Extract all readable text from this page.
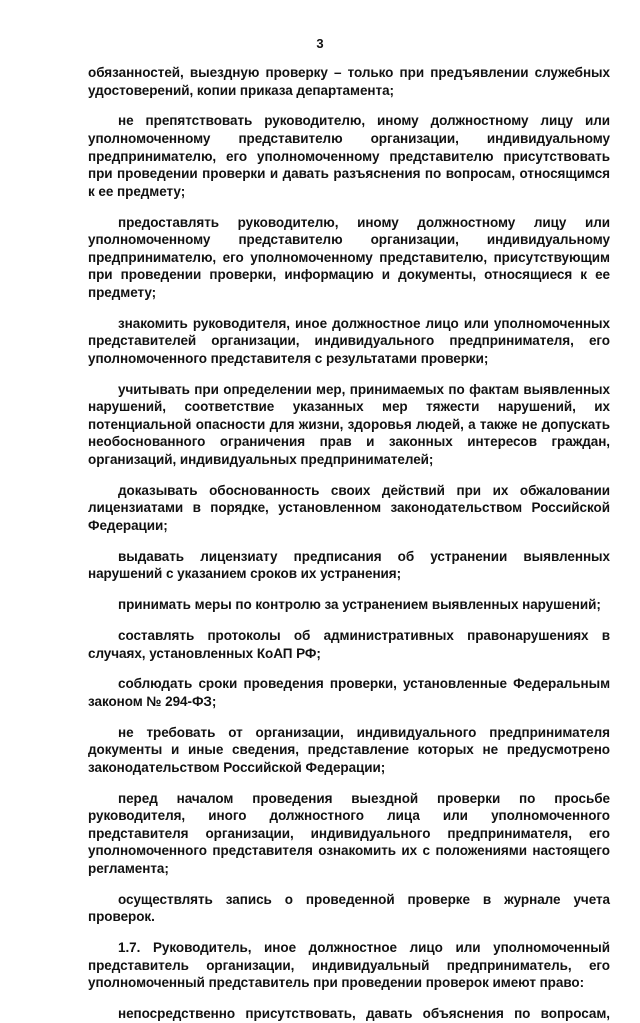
3

обязанностей, выездную проверку – только при предъявлении служебных удостоверений, копии приказа департамента;

не препятствовать руководителю, иному должностному лицу или уполномоченному представителю организации, индивидуальному предпринимателю, его уполномоченному представителю присутствовать при проведении проверки и давать разъяснения по вопросам, относящимся к ее предмету;

предоставлять руководителю, иному должностному лицу или уполномоченному представителю организации, индивидуальному предпринимателю, его уполномоченному представителю, присутствующим при проведении проверки, информацию и документы, относящиеся к ее предмету;

знакомить руководителя, иное должностное лицо или уполномоченных представителей организации, индивидуального предпринимателя, его уполномоченного представителя с результатами проверки;

учитывать при определении мер, принимаемых по фактам выявленных нарушений, соответствие указанных мер тяжести нарушений, их потенциальной опасности для жизни, здоровья людей, а также не допускать необоснованного ограничения прав и законных интересов граждан, организаций, индивидуальных предпринимателей;

доказывать обоснованность своих действий при их обжаловании лицензиатами в порядке, установленном законодательством Российской Федерации;

выдавать лицензиату предписания об устранении выявленных нарушений с указанием сроков их устранения;

принимать меры по контролю за устранением выявленных нарушений;

составлять протоколы об административных правонарушениях в случаях, установленных КоАП РФ;

соблюдать сроки проведения проверки, установленные Федеральным законом № 294-ФЗ;

не требовать от организации, индивидуального предпринимателя документы и иные сведения, представление которых не предусмотрено законодательством Российской Федерации;

перед началом проведения выездной проверки по просьбе руководителя, иного должностного лица или уполномоченного представителя организации, индивидуального предпринимателя, его уполномоченного представителя ознакомить их с положениями настоящего регламента;

осуществлять запись о проведенной проверке в журнале учета проверок.

1.7. Руководитель, иное должностное лицо или уполномоченный представитель организации, индивидуальный предприниматель, его уполномоченный представитель при проведении проверок имеют право:

непосредственно присутствовать, давать объяснения по вопросам,
